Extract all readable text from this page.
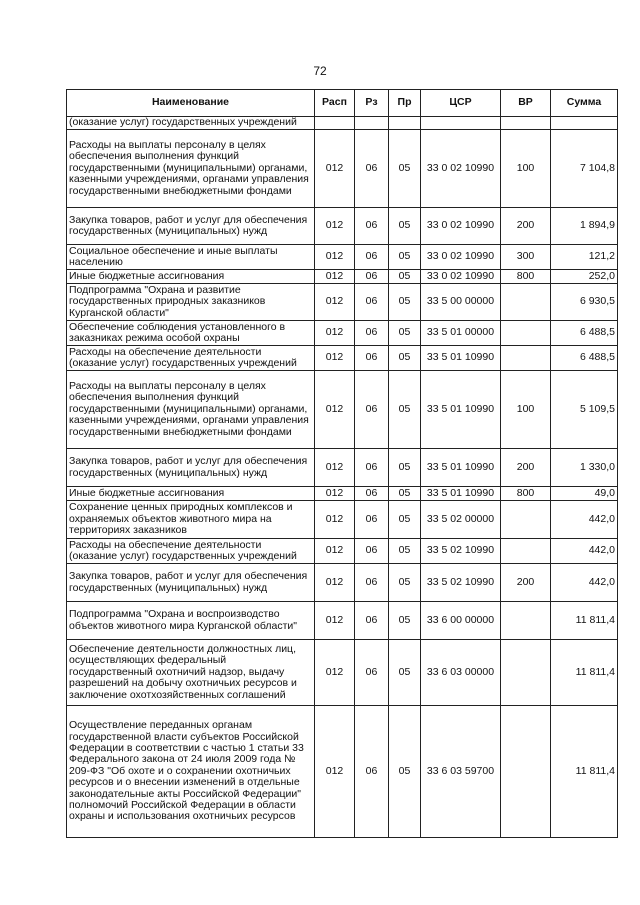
72
Наименование	Расп	Рз	Пр	ЦСР	ВР	Сумма
(оказание услуг) государственных учреждений						
Расходы на выплаты персоналу в целях обеспечения выполнения функций государственными (муниципальными) органами, казенными учреждениями, органами управления государственными внебюджетными фондами	012	06	05	33 0 02 10990	100	7 104,8
Закупка товаров, работ и услуг для обеспечения государственных (муниципальных) нужд	012	06	05	33 0 02 10990	200	1 894,9
Социальное обеспечение и иные выплаты населению	012	06	05	33 0 02 10990	300	121,2
Иные бюджетные ассигнования	012	06	05	33 0 02 10990	800	252,0
Подпрограмма "Охрана и развитие государственных природных заказников Курганской области"	012	06	05	33 5 00 00000		6 930,5
Обеспечение соблюдения установленного в заказниках режима особой охраны	012	06	05	33 5 01 00000		6 488,5
Расходы на обеспечение деятельности (оказание услуг) государственных учреждений	012	06	05	33 5 01 10990		6 488,5
Расходы на выплаты персоналу в целях обеспечения выполнения функций государственными (муниципальными) органами, казенными учреждениями, органами управления государственными внебюджетными фондами	012	06	05	33 5 01 10990	100	5 109,5
Закупка товаров, работ и услуг для обеспечения государственных (муниципальных) нужд	012	06	05	33 5 01 10990	200	1 330,0
Иные бюджетные ассигнования	012	06	05	33 5 01 10990	800	49,0
Сохранение ценных природных комплексов и охраняемых объектов животного мира на территориях заказников	012	06	05	33 5 02 00000		442,0
Расходы на обеспечение деятельности (оказание услуг) государственных учреждений	012	06	05	33 5 02 10990		442,0
Закупка товаров, работ и услуг для обеспечения государственных (муниципальных) нужд	012	06	05	33 5 02 10990	200	442,0
Подпрограмма "Охрана и воспроизводство объектов животного мира Курганской области"	012	06	05	33 6 00 00000		11 811,4
Обеспечение деятельности должностных лиц, осуществляющих федеральный государственный охотничий надзор, выдачу разрешений на добычу охотничьих ресурсов и заключение охотхозяйственных соглашений	012	06	05	33 6 03 00000		11 811,4
Осуществление переданных органам государственной власти субъектов Российской Федерации в соответствии с частью 1 статьи 33 Федерального закона от 24 июля 2009 года № 209-ФЗ "Об охоте и о сохранении охотничьих ресурсов и о внесении изменений в отдельные законодательные акты Российской Федерации" полномочий Российской Федерации в области охраны и использования охотничьих ресурсов	012	06	05	33 6 03 59700		11 811,4
